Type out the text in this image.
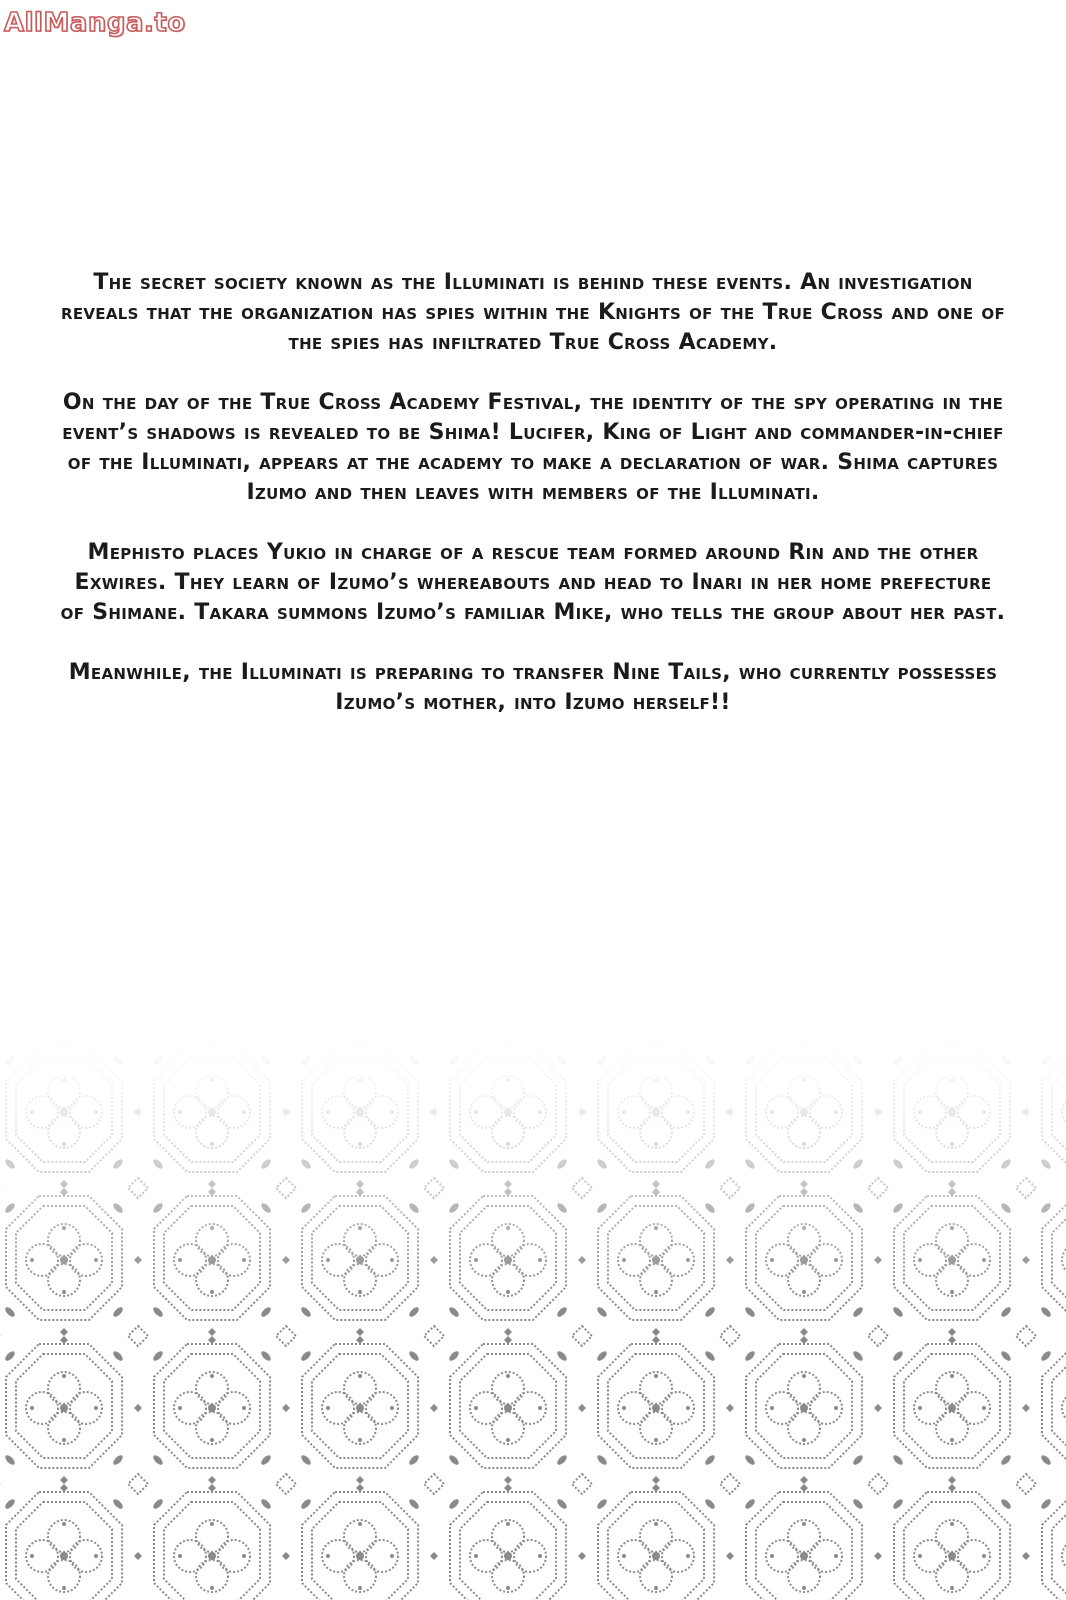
AllManga.to

The secret society known as the Illuminati is behind these events. An investigation reveals that the organization has spies within the Knights of the True Cross and one of the spies has infiltrated True Cross Academy.

On the day of the True Cross Academy Festival, the identity of the spy operating in the event’s shadows is revealed to be Shima! Lucifer, King of Light and commander-in-chief of the Illuminati, appears at the academy to make a declaration of war. Shima captures Izumo and then leaves with members of the Illuminati.

Mephisto places Yukio in charge of a rescue team formed around Rin and the other Exwires. They learn of Izumo’s whereabouts and head to Inari in her home prefecture of Shimane. Takara summons Izumo’s familiar Mike, who tells the group about her past.

Meanwhile, the Illuminati is preparing to transfer Nine Tails, who currently possesses Izumo’s mother, into Izumo herself!!
